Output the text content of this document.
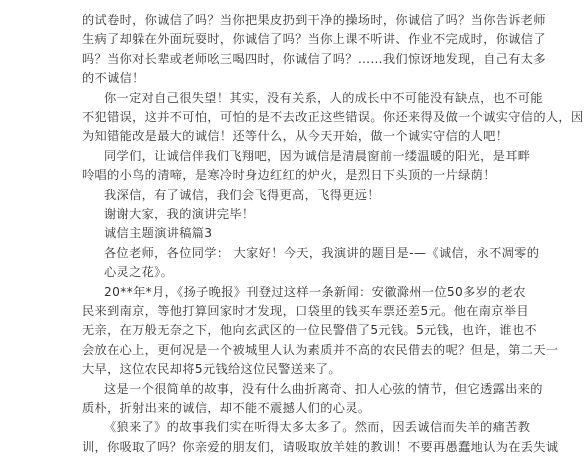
的试卷时，你诚信了吗？当你把果皮扔到干净的操场时，你诚信了吗？当你告诉老师
生病了却躲在外面玩耍时，你诚信了吗？当你上课不听讲、作业不完成时，你诚信了
吗？当你对长辈或老师吆三喝四时，你诚信了吗？……我们惊讶地发现，自己有太多
的不诚信！
你一定对自己很失望！其实，没有关系，人的成长中不可能没有缺点，也不可能
不犯错误，这并不可怕，可怕的是不去改正这些错误。你还来得及做一个诚实守信的人，因
为知错能改是最大的诚信！还等什么，从今天开始，做一个诚实守信的人吧！
同学们，让诚信伴我们飞翔吧，因为诚信是清晨窗前一缕温暖的阳光，是耳畔
呤唱的小鸟的清啼，是寒冷时身边红红的炉火，是烈日下头顶的一片绿荫！
我深信，有了诚信，我们会飞得更高，飞得更远！
谢谢大家，我的演讲完毕！
诚信主题演讲稿篇3
各位老师，各位同学： 大家好！今天，我演讲的题目是-—《诚信，永不凋零的
心灵之花》。
20**年*月，《扬子晚报》刊登过这样一条新闻：安徽滁州一位50多岁的老农
民来到南京，等他打算回家时才发现，口袋里的钱买车票还差5元。他在南京举目
无亲，在万般无奈之下，他向玄武区的一位民警借了5元钱。5元钱，也许，谁也不
会放在心上，更何况是一个被城里人认为素质并不高的农民借去的呢？但是，第二天一
大早，这位农民却将5元钱给这位民警送来了。
这是一个很简单的故事，没有什么曲折离奇、扣人心弦的情节，但它透露出来的
质朴，折射出来的诚信，却不能不震撼人们的心灵。
《狼来了》的故事我们实在听得太多太多了。然而，因丢诚信而失羊的痛苦教
训，你吸取了吗？你亲爱的朋友们，请吸取放羊娃的教训！不要再愚蠢地认为在丢失诚
